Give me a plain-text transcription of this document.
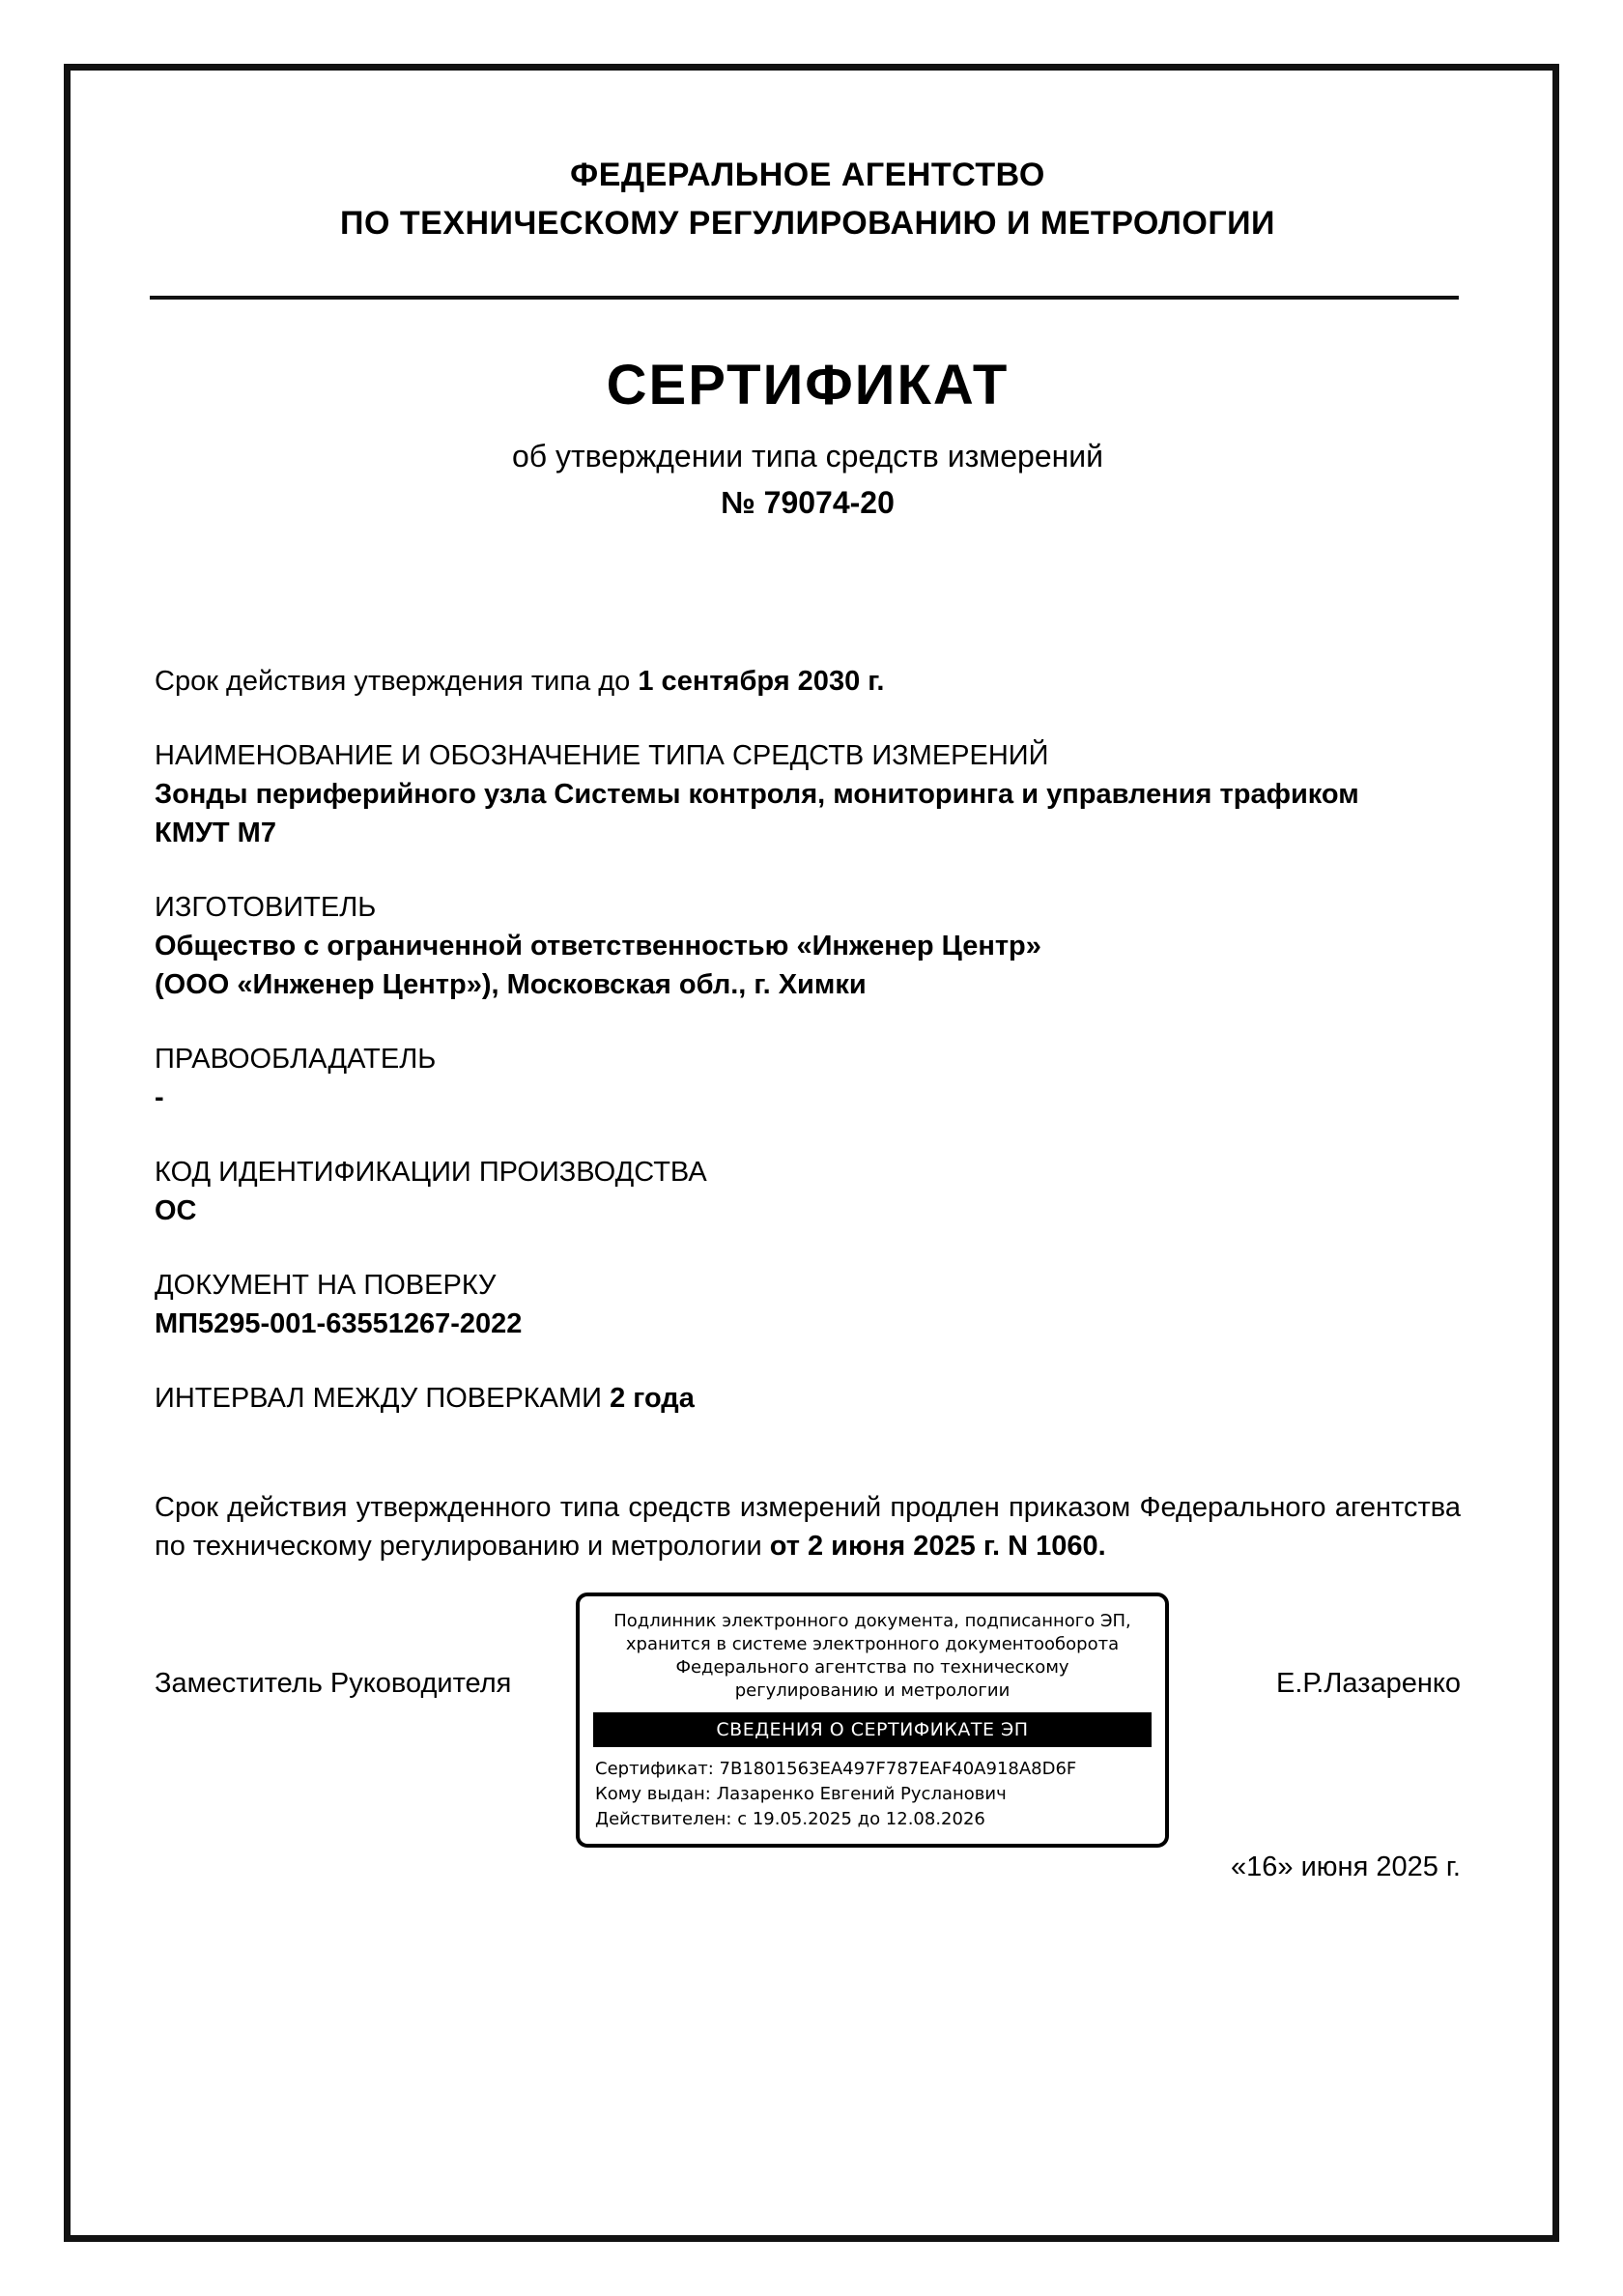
ФЕДЕРАЛЬНОЕ АГЕНТСТВО
ПО ТЕХНИЧЕСКОМУ РЕГУЛИРОВАНИЮ И МЕТРОЛОГИИ
СЕРТИФИКАТ
об утверждении типа средств измерений
№ 79074-20
Срок действия утверждения типа до 1 сентября 2030 г.
НАИМЕНОВАНИЕ И ОБОЗНАЧЕНИЕ ТИПА СРЕДСТВ ИЗМЕРЕНИЙ
Зонды периферийного узла Системы контроля, мониторинга и управления трафиком
КМУТ М7
ИЗГОТОВИТЕЛЬ
Общество с ограниченной ответственностью «Инженер Центр»
(ООО «Инженер Центр»), Московская обл., г. Химки
ПРАВООБЛАДАТЕЛЬ
-
КОД ИДЕНТИФИКАЦИИ ПРОИЗВОДСТВА
ОС
ДОКУМЕНТ НА ПОВЕРКУ
МП5295-001-63551267-2022
ИНТЕРВАЛ МЕЖДУ ПОВЕРКАМИ 2 года
Срок действия утвержденного типа средств измерений продлен приказом Федерального агентства по техническому регулированию и метрологии от 2 июня 2025 г. N 1060.
Заместитель Руководителя	Е.Р.Лазаренко
Подлинник электронного документа, подписанного ЭП,
хранится в системе электронного документооборота
Федерального агентства по техническому
регулированию и метрологии
СВЕДЕНИЯ О СЕРТИФИКАТЕ ЭП
Сертификат: 7B1801563EA497F787EAF40A918A8D6F
Кому выдан: Лазаренко Евгений Русланович
Действителен: с 19.05.2025 до 12.08.2026
«16» июня 2025 г.
